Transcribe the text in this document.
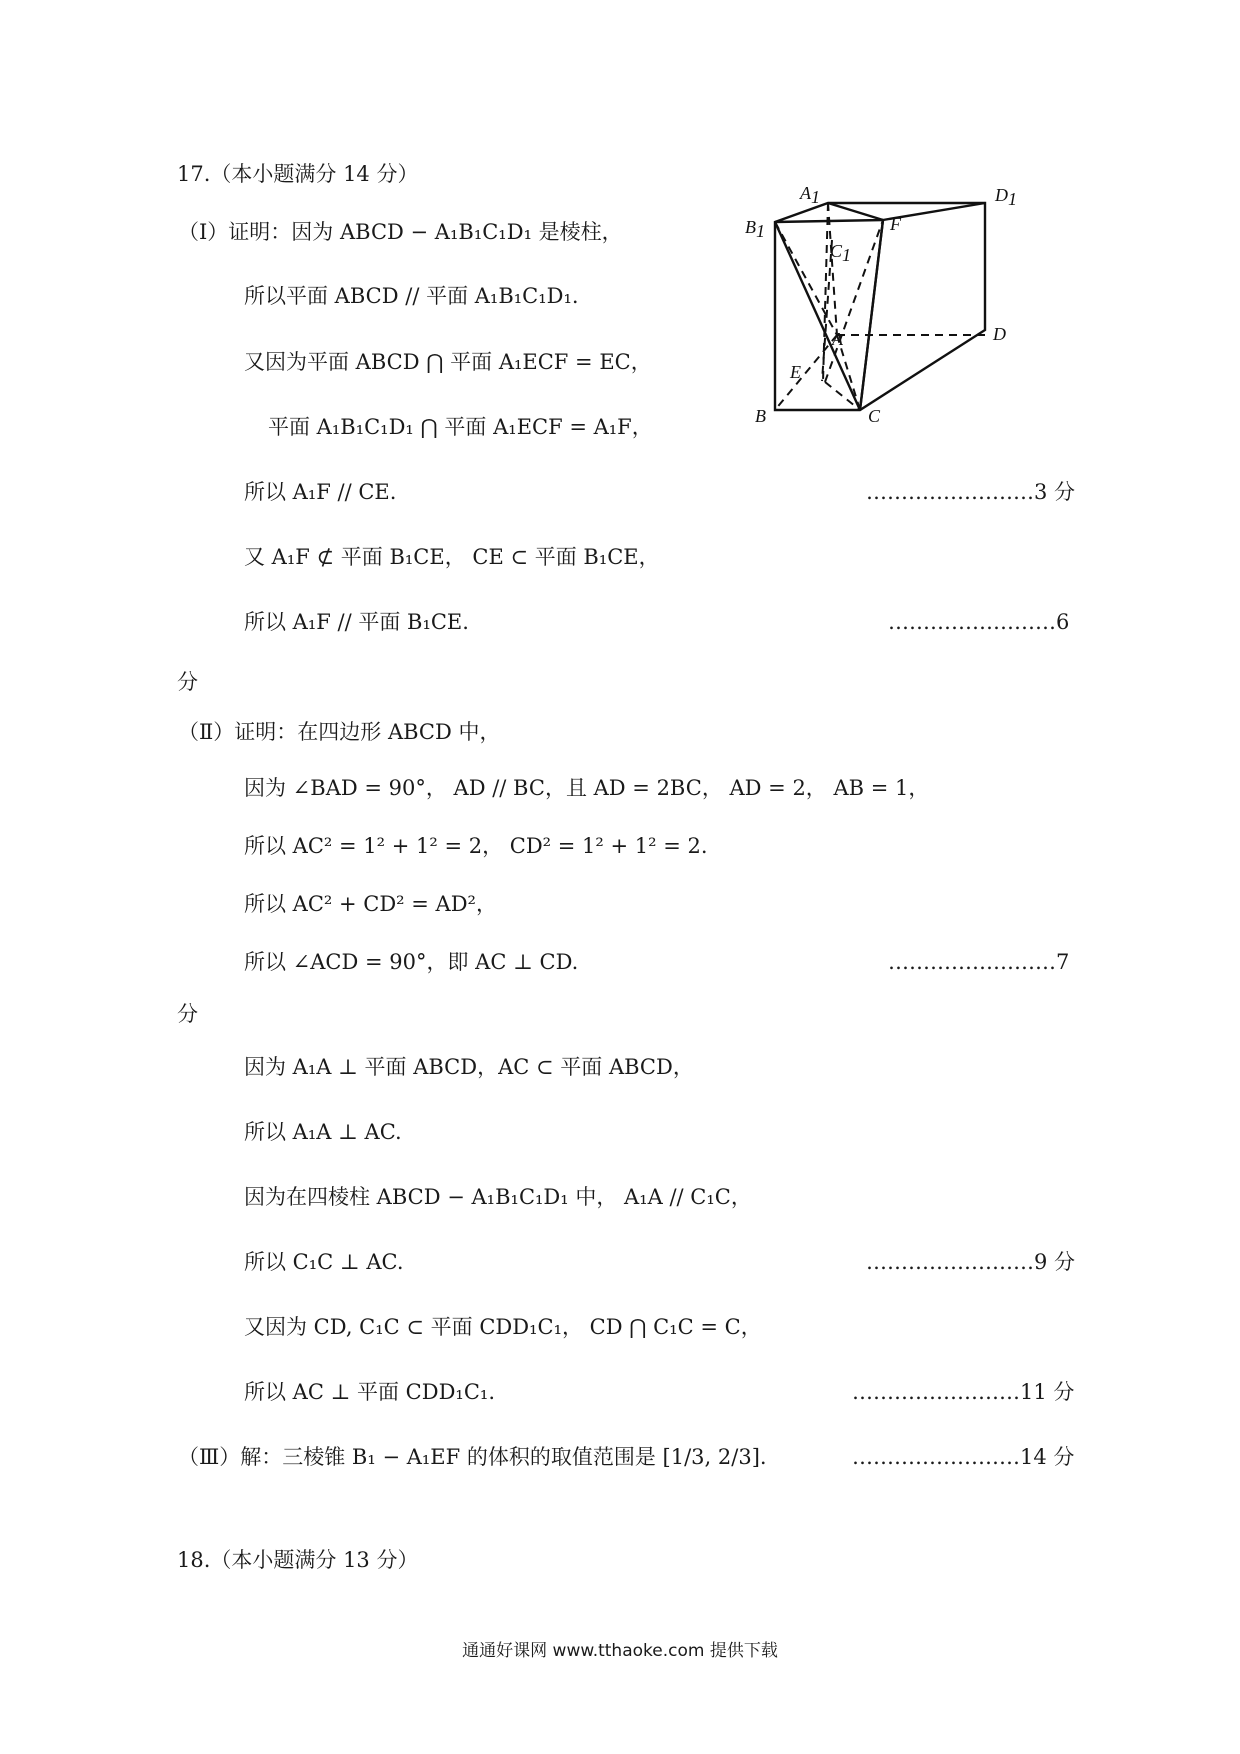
17.（本小题满分 14 分）
（Ⅰ）证明：因为 ABCD − A₁B₁C₁D₁ 是棱柱，
所以平面 ABCD // 平面 A₁B₁C₁D₁.
又因为平面 ABCD ⋂ 平面 A₁ECF = EC，
平面 A₁B₁C₁D₁ ⋂ 平面 A₁ECF = A₁F，
所以 A₁F // CE.	……………………3 分
又 A₁F ⊄ 平面 B₁CE， CE ⊂ 平面 B₁CE，
所以 A₁F // 平面 B₁CE.	……………………6
分
（Ⅱ）证明：在四边形 ABCD 中，
因为 ∠BAD = 90°， AD // BC，且 AD = 2BC， AD = 2， AB = 1，
所以 AC² = 1² + 1² = 2， CD² = 1² + 1² = 2.
所以 AC² + CD² = AD²，
所以 ∠ACD = 90°，即 AC ⊥ CD.	……………………7
分
因为 A₁A ⊥ 平面 ABCD，AC ⊂ 平面 ABCD，
所以 A₁A ⊥ AC.
因为在四棱柱 ABCD − A₁B₁C₁D₁ 中， A₁A // C₁C，
所以 C₁C ⊥ AC.	……………………9 分
又因为 CD, C₁C ⊂ 平面 CDD₁C₁， CD ⋂ C₁C = C，
所以 AC ⊥ 平面 CDD₁C₁.	……………………11 分
（Ⅲ）解：三棱锥 B₁ − A₁EF 的体积的取值范围是 [1/3, 2/3].	……………………14 分
18.（本小题满分 13 分）
A1	D1
B1
C1
F
A
E
D
B	C
通通好课网 www.tthaoke.com 提供下载
